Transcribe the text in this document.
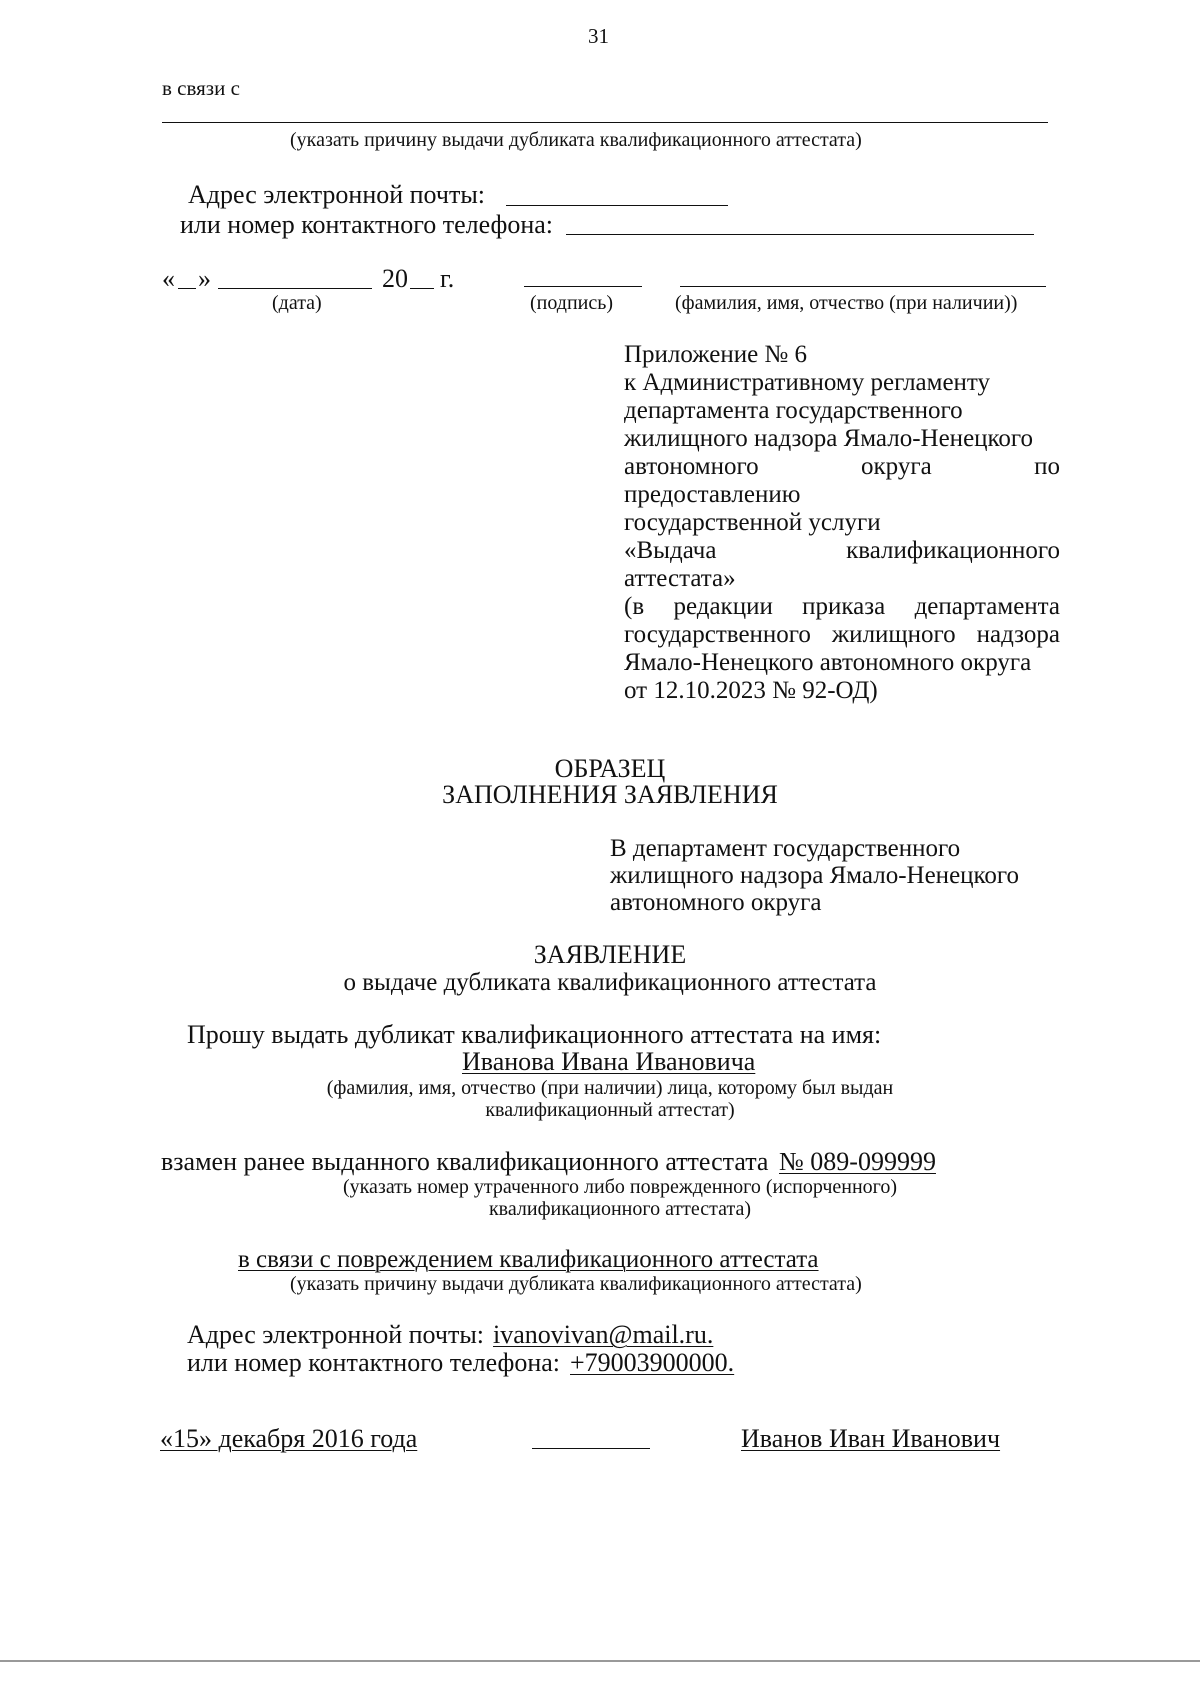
31
в связи с
(указать причину выдачи дубликата квалификационного аттестата)
Адрес электронной почты:
или номер контактного телефона:
« »	20 г.
(дата)	(подпись)	(фамилия, имя, отчество (при наличии))
Приложение № 6
к Административному регламенту
департамента государственного
жилищного надзора Ямало-Ненецкого
автономного округа по
предоставлению
государственной услуги
«Выдача квалификационного
аттестата»
(в редакции приказа департамента
государственного жилищного надзора
Ямало-Ненецкого автономного округа
от 12.10.2023 № 92-ОД)
ОБРАЗЕЦ
ЗАПОЛНЕНИЯ ЗАЯВЛЕНИЯ
В департамент государственного
жилищного надзора Ямало-Ненецкого
автономного округа
ЗАЯВЛЕНИЕ
о выдаче дубликата квалификационного аттестата
Прошу выдать дубликат квалификационного аттестата на имя:
Иванова Ивана Ивановича
(фамилия, имя, отчество (при наличии) лица, которому был выдан
квалификационный аттестат)
взамен ранее выданного квалификационного аттестата № 089-099999
(указать номер утраченного либо поврежденного (испорченного)
квалификационного аттестата)
в связи с повреждением квалификационного аттестата
(указать причину выдачи дубликата квалификационного аттестата)
Адрес электронной почты: ivanovivan@mail.ru.
или номер контактного телефона: +79003900000.
«15» декабря 2016 года	Иванов Иван Иванович
